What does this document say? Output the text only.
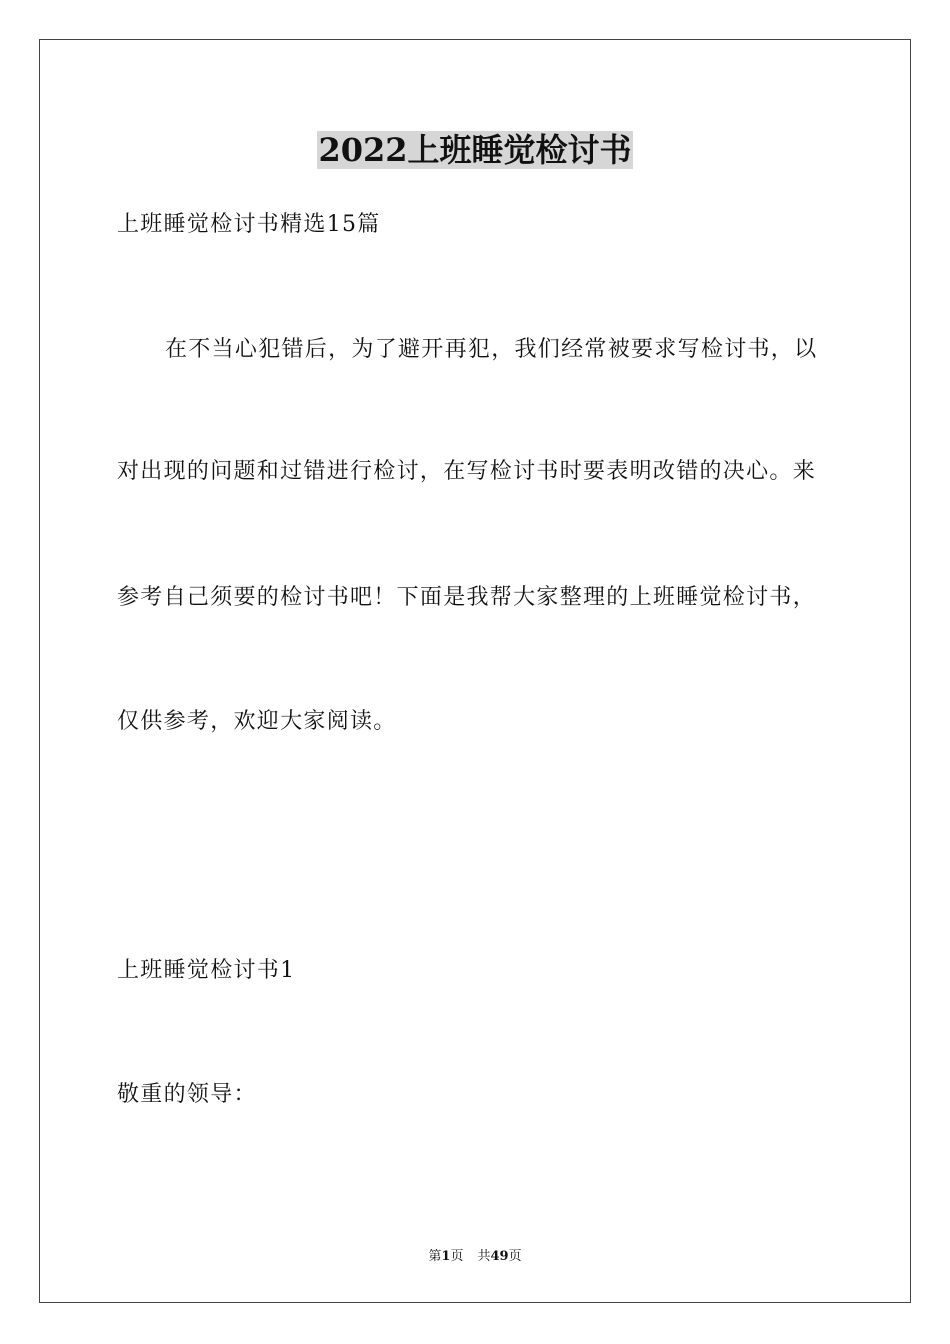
2022上班睡觉检讨书
上班睡觉检讨书精选15篇
在不当心犯错后，为了避开再犯，我们经常被要求写检讨书，以
对出现的问题和过错进行检讨，在写检讨书时要表明改错的决心。来
参考自己须要的检讨书吧！下面是我帮大家整理的上班睡觉检讨书，
仅供参考，欢迎大家阅读。
上班睡觉检讨书1
敬重的领导：
第1页 共49页
